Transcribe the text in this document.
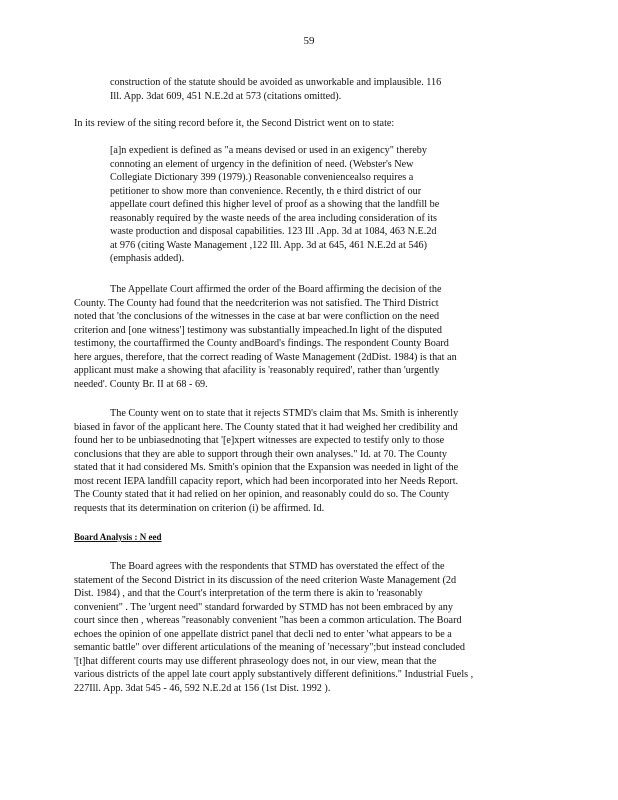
59
construction of the statute should be avoided as unworkable and implausible. 116
Ill. App. 3dat 609, 451 N.E.2d at 573 (citations omitted).
In its review of the siting record before it, the Second District went on to state:
[a]n expedient is defined as "a means devised or used in an exigency" thereby
connoting an element of urgency in the definition of need. (Webster's New
Collegiate Dictionary 399 (1979).) Reasonable conveniencealso requires a
petitioner to show more than convenience. Recently, th e third district of our
appellate court defined this higher level of proof as a showing that the landfill be
reasonably required by the waste needs of the area including consideration of its
waste production and disposal capabilities. 123 Ill .App. 3d at 1084, 463 N.E.2d
at 976 (citing Waste Management ,122 Ill. App. 3d at 645, 461 N.E.2d at 546)
(emphasis added).
The Appellate Court affirmed the order of the Board affirming the decision of the
County. The County had found that the needcriterion was not satisfied. The Third District
noted that 'the conclusions of the witnesses in the case at bar were confliction on the need
criterion and [one witness'] testimony was substantially impeached.In light of the disputed
testimony, the courtaffirmed the County andBoard's findings. The respondent County Board
here argues, therefore, that the correct reading of Waste Management (2dDist. 1984) is that an
applicant must make a showing that afacility is 'reasonably required', rather than 'urgently
needed'. County Br. II at 68 - 69.
The County went on to state that it rejects STMD's claim that Ms. Smith is inherently
biased in favor of the applicant here. The County stated that it had weighed her credibility and
found her to be unbiasednoting that '[e]xpert witnesses are expected to testify only to those
conclusions that they are able to support through their own analyses." Id. at 70. The County
stated that it had considered Ms. Smith's opinion that the Expansion was needed in light of the
most recent IEPA landfill capacity report, which had been incorporated into her Needs Report.
The County stated that it had relied on her opinion, and reasonably could do so. The County
requests that its determination on criterion (i) be affirmed. Id.
Board Analysis : N eed
The Board agrees with the respondents that STMD has overstated the effect of the
statement of the Second District in its discussion of the need criterion Waste Management (2d
Dist. 1984) , and that the Court's interpretation of the term there is akin to 'reasonably
convenient" . The 'urgent need" standard forwarded by STMD has not been embraced by any
court since then , whereas ''reasonably convenient "has been a common articulation. The Board
echoes the opinion of one appellate district panel that decli ned to enter 'what appears to be a
semantic battle" over different articulations of the meaning of 'necessary";but instead concluded
'[t]hat different courts may use different phraseology does not, in our view, mean that the
various districts of the appel late court apply substantively different definitions." Industrial Fuels ,
227Ill. App. 3dat 545 - 46, 592 N.E.2d at 156 (1st Dist. 1992 ).
